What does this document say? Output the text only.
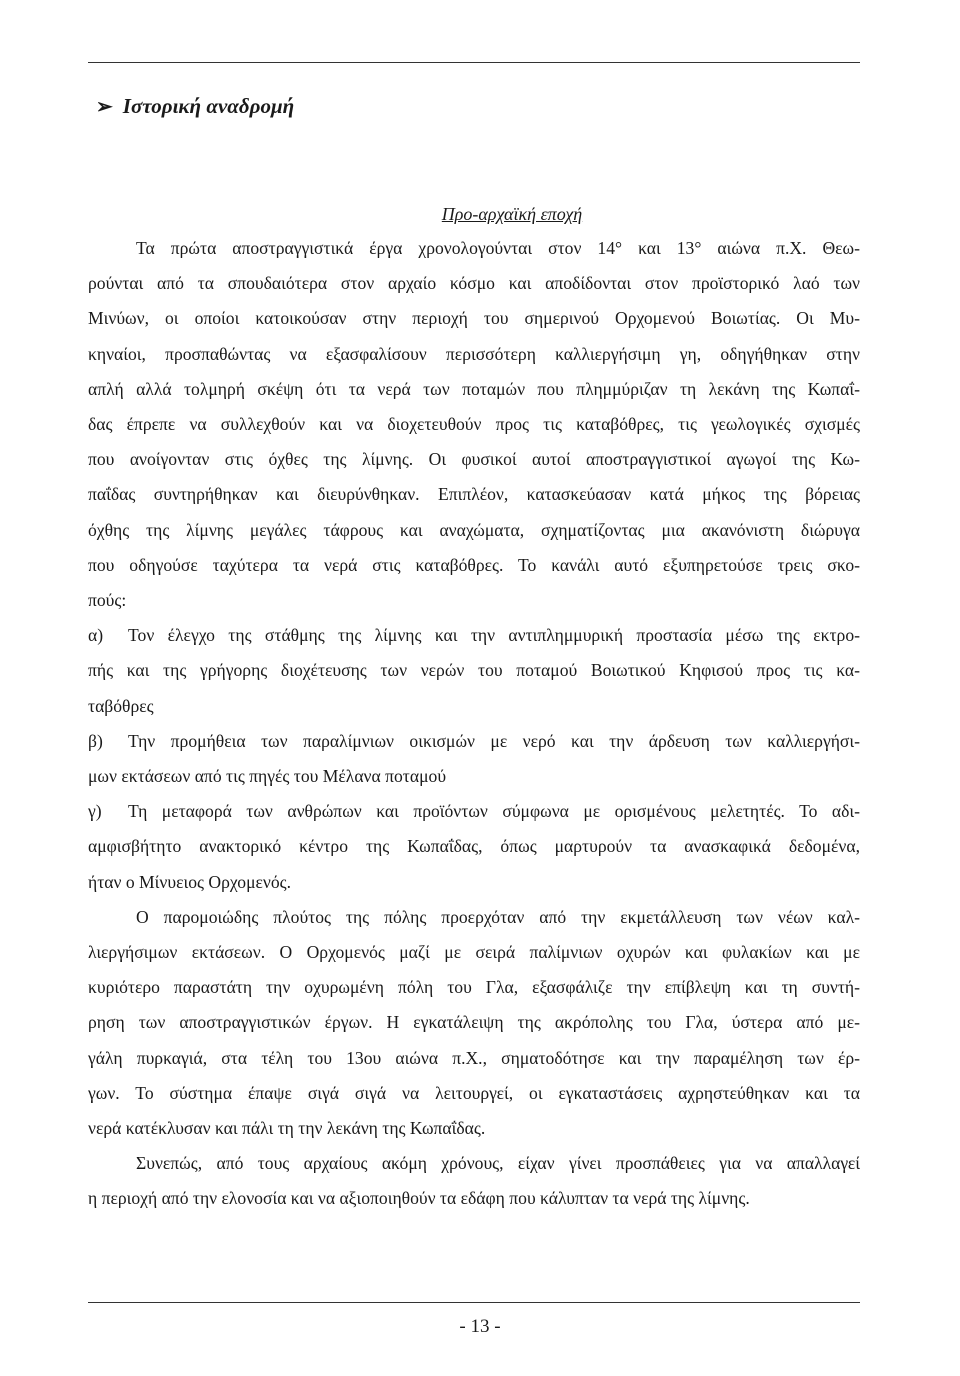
➢ Ιστορική αναδρομή
Προ-αρχαϊκή εποχή

Τα πρώτα αποστραγγιστικά έργα χρονολογούνται στον 14° και 13° αιώνα π.Χ. Θεω-

ρούνται από τα σπουδαιότερα στον αρχαίο κόσμο και αποδίδονται στον προϊστορικό λαό των

Μινύων, οι οποίοι κατοικούσαν στην περιοχή του σημερινού Ορχομενού Βοιωτίας. Οι Μυ-

κηναίοι, προσπαθώντας να εξασφαλίσουν περισσότερη καλλιεργήσιμη γη, οδηγήθηκαν στην

απλή αλλά τολμηρή σκέψη ότι τα νερά των ποταμών που πλημμύριζαν τη λεκάνη της Κωπαΐ-

δας έπρεπε να συλλεχθούν και να διοχετευθούν προς τις καταβόθρες, τις γεωλογικές σχισμές

που ανοίγονταν στις όχθες της λίμνης. Οι φυσικοί αυτοί αποστραγγιστικοί αγωγοί της Κω-

παΐδας συντηρήθηκαν και διευρύνθηκαν. Επιπλέον, κατασκεύασαν κατά μήκος της βόρειας

όχθης της λίμνης μεγάλες τάφρους και αναχώματα, σχηματίζοντας μια ακανόνιστη διώρυγα

που οδηγούσε ταχύτερα τα νερά στις καταβόθρες. Το κανάλι αυτό εξυπηρετούσε τρεις σκο-

πούς:

α) Τον έλεγχο της στάθμης της λίμνης και την αντιπλημμυρική προστασία μέσω της εκτρο-

πής και της γρήγορης διοχέτευσης των νερών του ποταμού Βοιωτικού Κηφισού προς τις κα-

ταβόθρες

β) Την προμήθεια των παραλίμνιων οικισμών με νερό και την άρδευση των καλλιεργήσι-

μων εκτάσεων από τις πηγές του Μέλανα ποταμού

γ) Τη μεταφορά των ανθρώπων και προϊόντων σύμφωνα με ορισμένους μελετητές. Το αδι-

αμφισβήτητο ανακτορικό κέντρο της Κωπαΐδας, όπως μαρτυρούν τα ανασκαφικά δεδομένα,

ήταν ο Μίνυειος Ορχομενός.

Ο παρομοιώδης πλούτος της πόλης προερχόταν από την εκμετάλλευση των νέων καλ-

λιεργήσιμων εκτάσεων. Ο Ορχομενός μαζί με σειρά παλίμνιων οχυρών και φυλακίων και με

κυριότερο παραστάτη την οχυρωμένη πόλη του Γλα, εξασφάλιζε την επίβλεψη και τη συντή-

ρηση των αποστραγγιστικών έργων. Η εγκατάλειψη της ακρόπολης του Γλα, ύστερα από με-

γάλη πυρκαγιά, στα τέλη του 13ου αιώνα π.Χ., σηματοδότησε και την παραμέληση των έρ-

γων. Το σύστημα έπαψε σιγά σιγά να λειτουργεί, οι εγκαταστάσεις αχρηστεύθηκαν και τα

νερά κατέκλυσαν και πάλι τη την λεκάνη της Κωπαΐδας.

Συνεπώς, από τους αρχαίους ακόμη χρόνους, είχαν γίνει προσπάθειες για να απαλλαγεί

η περιοχή από την ελονοσία και να αξιοποιηθούν τα εδάφη που κάλυπταν τα νερά της λίμνης.

- 13 -
